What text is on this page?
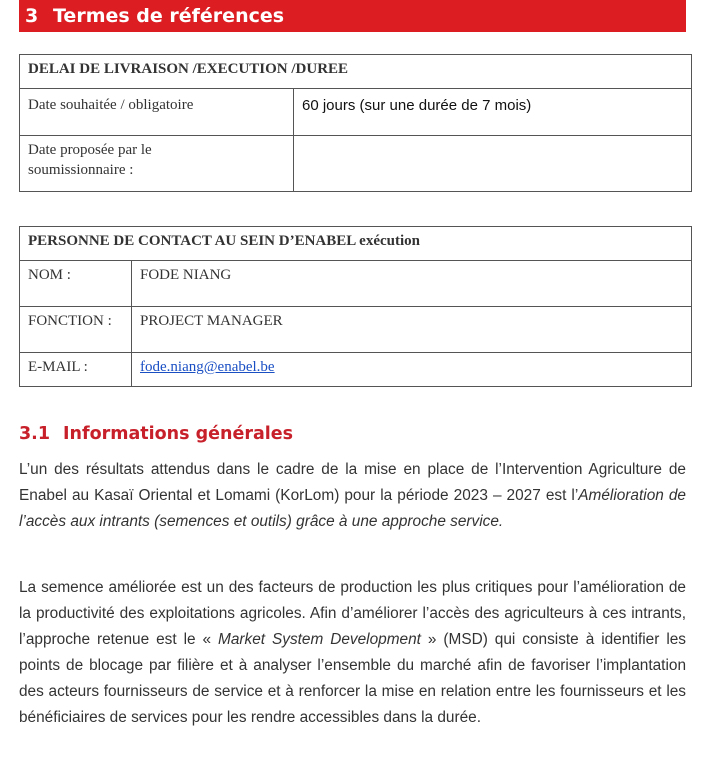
3 Termes de références
DELAI DE LIVRAISON /EXECUTION /DUREE	
Date souhaitée / obligatoire	60 jours (sur une durée de 7 mois)
Date proposée par le
soumissionnaire :	
PERSONNE DE CONTACT AU SEIN D’ENABEL exécution	
NOM :	FODE NIANG
FONCTION :	PROJECT MANAGER
E-MAIL :	fode.niang@enabel.be
3.1 Informations générales

L’un des résultats attendus dans le cadre de la mise en place de l’Intervention Agriculture de Enabel au Kasaï Oriental et Lomami (KorLom) pour la période 2023 – 2027 est l’Amélioration de l’accès aux intrants (semences et outils) grâce à une approche service.

La semence améliorée est un des facteurs de production les plus critiques pour l’amélioration de la productivité des exploitations agricoles. Afin d’améliorer l’accès des agriculteurs à ces intrants, l’approche retenue est le « Market System Development » (MSD) qui consiste à identifier les points de blocage par filière et à analyser l’ensemble du marché afin de favoriser l’implantation des acteurs fournisseurs de service et à renforcer la mise en relation entre les fournisseurs et les bénéficiaires de services pour les rendre accessibles dans la durée.
